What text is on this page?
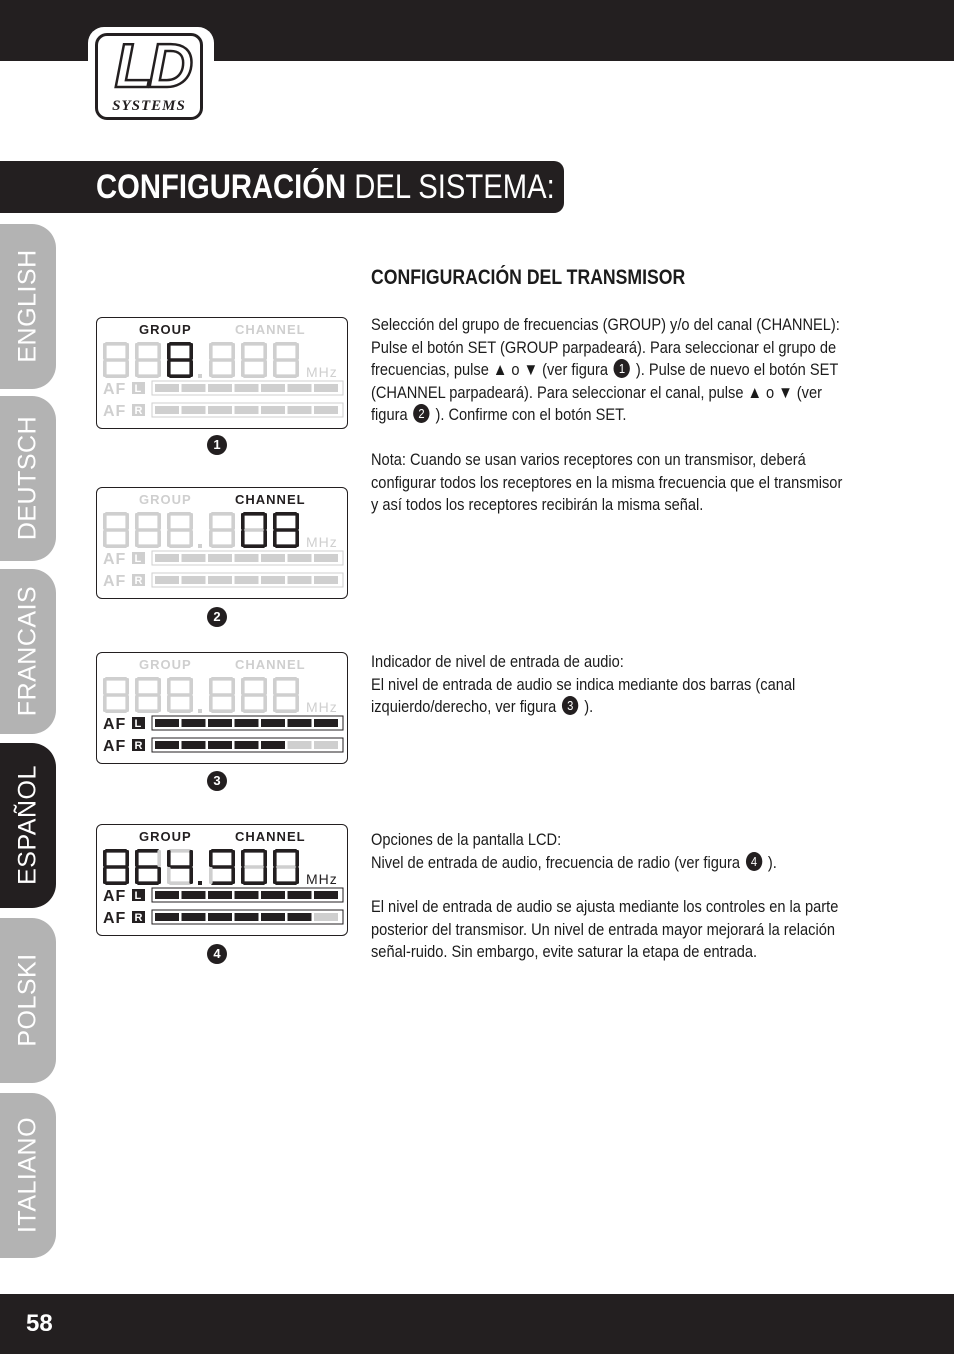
LD
SYSTEMS
CONFIGURACIÓN DEL SISTEMA:
ENGLISH
DEUTSCH
FRANCAIS
ESPAÑOL
POLSKI
ITALIANO
CONFIGURACIÓN DEL TRANSMISOR
GROUP	CHANNEL
MHz
AF L
AF R
1
GROUP	CHANNEL
MHz
AF L
AF R
2
GROUP	CHANNEL
MHz
AF L
AF R
3
GROUP	CHANNEL
MHz
AF L
AF R
4
Selección del grupo de frecuencias (GROUP) y/o del canal (CHANNEL): Pulse el botón SET (GROUP parpadeará). Para seleccionar el grupo de frecuencias, pulse ▲ o ▼ (ver figura 1 ). Pulse de nuevo el botón SET (CHANNEL parpadeará). Para seleccionar el canal, pulse ▲ o ▼ (ver figura 2 ). Confirme con el botón SET.
Nota: Cuando se usan varios receptores con un transmisor, deberá configurar todos los receptores en la misma frecuencia que el transmisor y así todos los receptores recibirán la misma señal.
Indicador de nivel de entrada de audio:
El nivel de entrada de audio se indica mediante dos barras (canal izquierdo/derecho, ver figura 3 ).
Opciones de la pantalla LCD:
Nivel de entrada de audio, frecuencia de radio (ver figura 4 ).
El nivel de entrada de audio se ajusta mediante los controles en la parte posterior del transmisor. Un nivel de entrada mayor mejorará la relación señal-ruido. Sin embargo, evite saturar la etapa de entrada.
58
